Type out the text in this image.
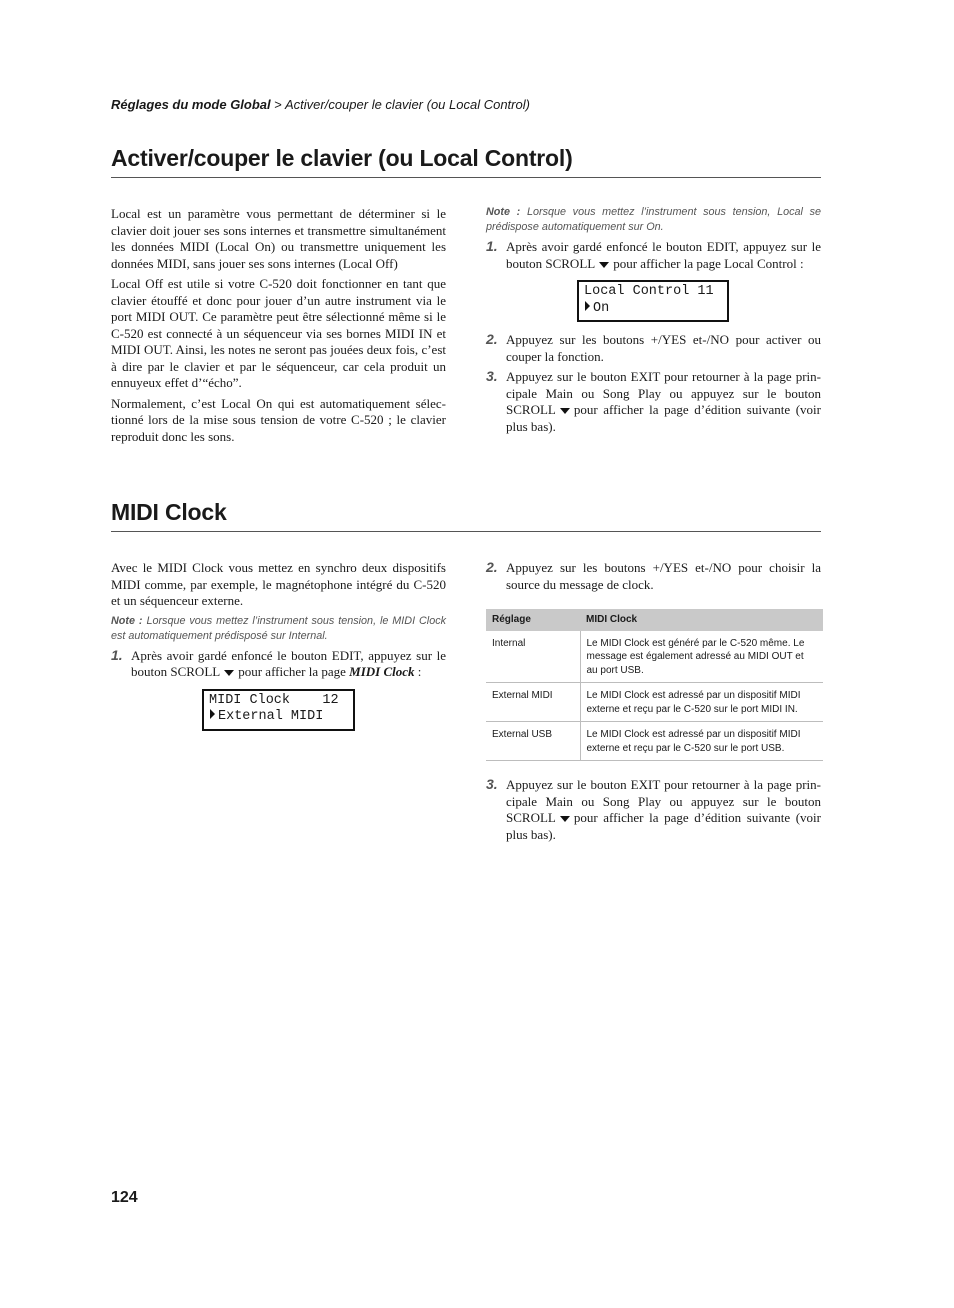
Réglages du mode Global > Activer/couper le clavier (ou Local Control)
Activer/couper le clavier (ou Local Control)

Local est un paramètre vous permettant de déterminer si le clavier doit jouer ses sons internes et transmettre simultanément les données MIDI (Local On) ou transmettre uniquement les données MIDI, sans jouer ses sons internes (Local Off)

Local Off est utile si votre C-520 doit fonctionner en tant que clavier étouffé et donc pour jouer d’un autre instrument via le port MIDI OUT. Ce paramètre peut être sélectionné même si le C-520 est connecté à un séquenceur via ses bornes MIDI IN et MIDI OUT. Ainsi, les notes ne seront pas jouées deux fois, c’est à dire par le clavier et par le séquenceur, car cela produit un ennuyeux effet d’“écho”.

Normalement, c’est Local On qui est automatiquement sélectionné lors de la mise sous tension de votre C-520 ; le clavier reproduit donc les sons.

Note : Lorsque vous mettez l’instrument sous tension, Local se prédispose automatiquement sur On.

1. Après avoir gardé enfoncé le bouton EDIT, appuyez sur le bouton SCROLL pour afficher la page Local Control :
Local Control 11
On
2. Appuyez sur les boutons +/YES et-/NO pour activer ou couper la fonction.
3. Appuyez sur le bouton EXIT pour retourner à la page principale Main ou Song Play ou appuyez sur le bouton SCROLL pour afficher la page d’édition suivante (voir plus bas).
MIDI Clock

Avec le MIDI Clock vous mettez en synchro deux dispositifs MIDI comme, par exemple, le magnétophone intégré du C-520 et un séquenceur externe.

Note : Lorsque vous mettez l’instrument sous tension, le MIDI Clock est automatiquement prédisposé sur Internal.

1. Après avoir gardé enfoncé le bouton EDIT, appuyez sur le bouton SCROLL pour afficher la page MIDI Clock :
MIDI Clock    12
External MIDI
2. Appuyez sur les boutons +/YES et-/NO pour choisir la source du message de clock.
Réglage	MIDI Clock
Internal	Le MIDI Clock est généré par le C-520 même. Le message est également adressé au MIDI OUT et au port USB.
External MIDI	Le MIDI Clock est adressé par un dispositif MIDI externe et reçu par le C-520 sur le port MIDI IN.
External USB	Le MIDI Clock est adressé par un dispositif MIDI externe et reçu par le C-520 sur le port USB.
3. Appuyez sur le bouton EXIT pour retourner à la page principale Main ou Song Play ou appuyez sur le bouton SCROLL pour afficher la page d’édition suivante (voir plus bas).
124
